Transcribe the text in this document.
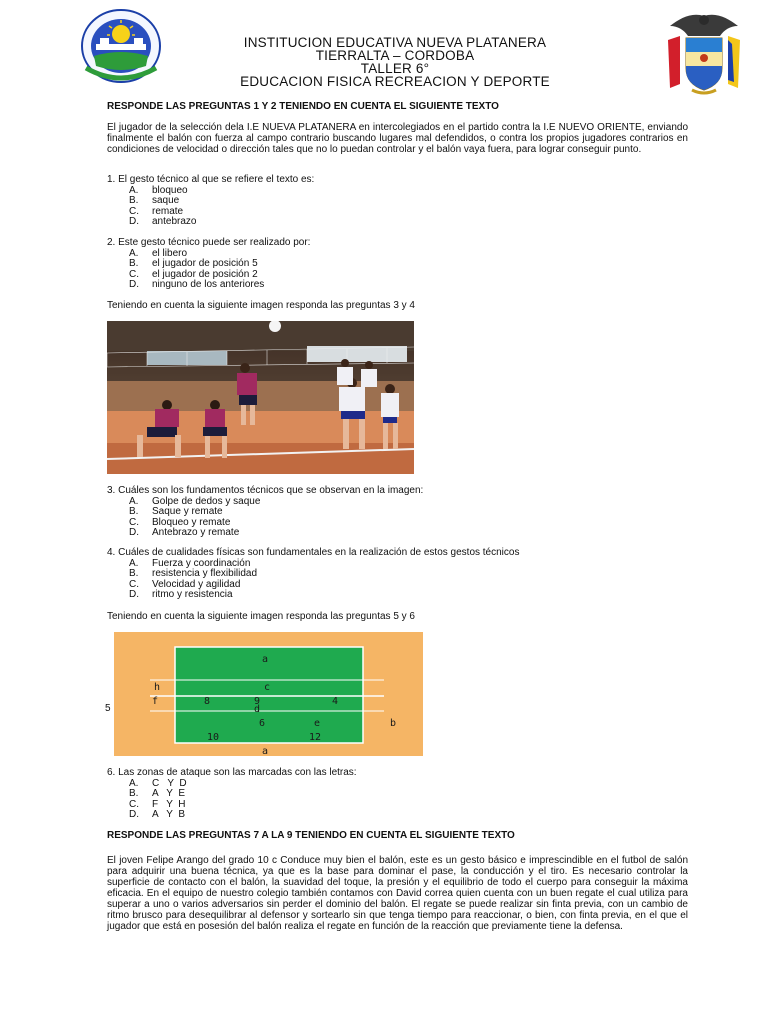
INSTITUCION EDUCATIVA NUEVA PLATANERA
TIERRALTA – CORDOBA
TALLER 6°
EDUCACION FISICA RECREACION Y DEPORTE
RESPONDE LAS PREGUNTAS 1 Y 2 TENIENDO EN CUENTA EL SIGUIENTE TEXTO
El jugador de la selección dela I.E NUEVA PLATANERA en intercolegiados en el partido contra la I.E NUEVO ORIENTE, enviando finalmente el balón con fuerza al campo contrario buscando lugares mal defendidos, o contra los propios jugadores contrarios en condiciones de velocidad o dirección tales que no lo puedan controlar y el balón vaya fuera, para lograr conseguir punto.
1. El gesto técnico al que se refiere el texto es:
A. bloqueo
B. saque
C. remate
D. antebrazo
2. Este gesto técnico puede ser realizado por:
A. el libero
B. el jugador de posición 5
C. el jugador de posición 2
D. ninguno de los anteriores
Teniendo en cuenta la siguiente imagen responda las preguntas 3 y 4
3. Cuáles son los fundamentos técnicos que se observan en la imagen:
A. Golpe de dedos y saque
B. Saque y remate
C. Bloqueo y remate
D. Antebrazo y remate
4. Cuáles de cualidades físicas son fundamentales en la realización de estos gestos técnicos
A. Fuerza y coordinación
B. resistencia y flexibilidad
C. Velocidad y agilidad
D. ritmo y resistencia
Teniendo en cuenta la siguiente imagen responda las preguntas 5 y 6
5
a
h	c
f	8	9	4
d
6	e	b
10	12
a
6. Las zonas de ataque son las marcadas con las letras:
A. C   Y  D
B. A   Y  E
C. F   Y  H
D. A   Y  B
RESPONDE LAS PREGUNTAS 7 A LA 9 TENIENDO EN CUENTA EL SIGUIENTE TEXTO
El joven Felipe Arango del grado 10 c Conduce muy bien el balón, este es un gesto básico e imprescindible en el futbol de salón para adquirir una buena técnica, ya que es la base para dominar el pase, la conducción y el tiro. Es necesario controlar la superficie de contacto con el balón, la suavidad del toque, la presión y el equilibrio de todo el cuerpo para conseguir la máxima eficacia. En el equipo de nuestro colegio también contamos con David correa quien cuenta con un buen regate el cual utiliza para superar a uno o varios adversarios sin perder el dominio del balón. El regate se puede realizar sin finta previa, con un cambio de ritmo brusco para desequilibrar al defensor y sortearlo sin que tenga tiempo para reaccionar, o bien, con finta previa, en el que el jugador que está en posesión del balón realiza el regate en función de la reacción que previamente tiene la defensa.
